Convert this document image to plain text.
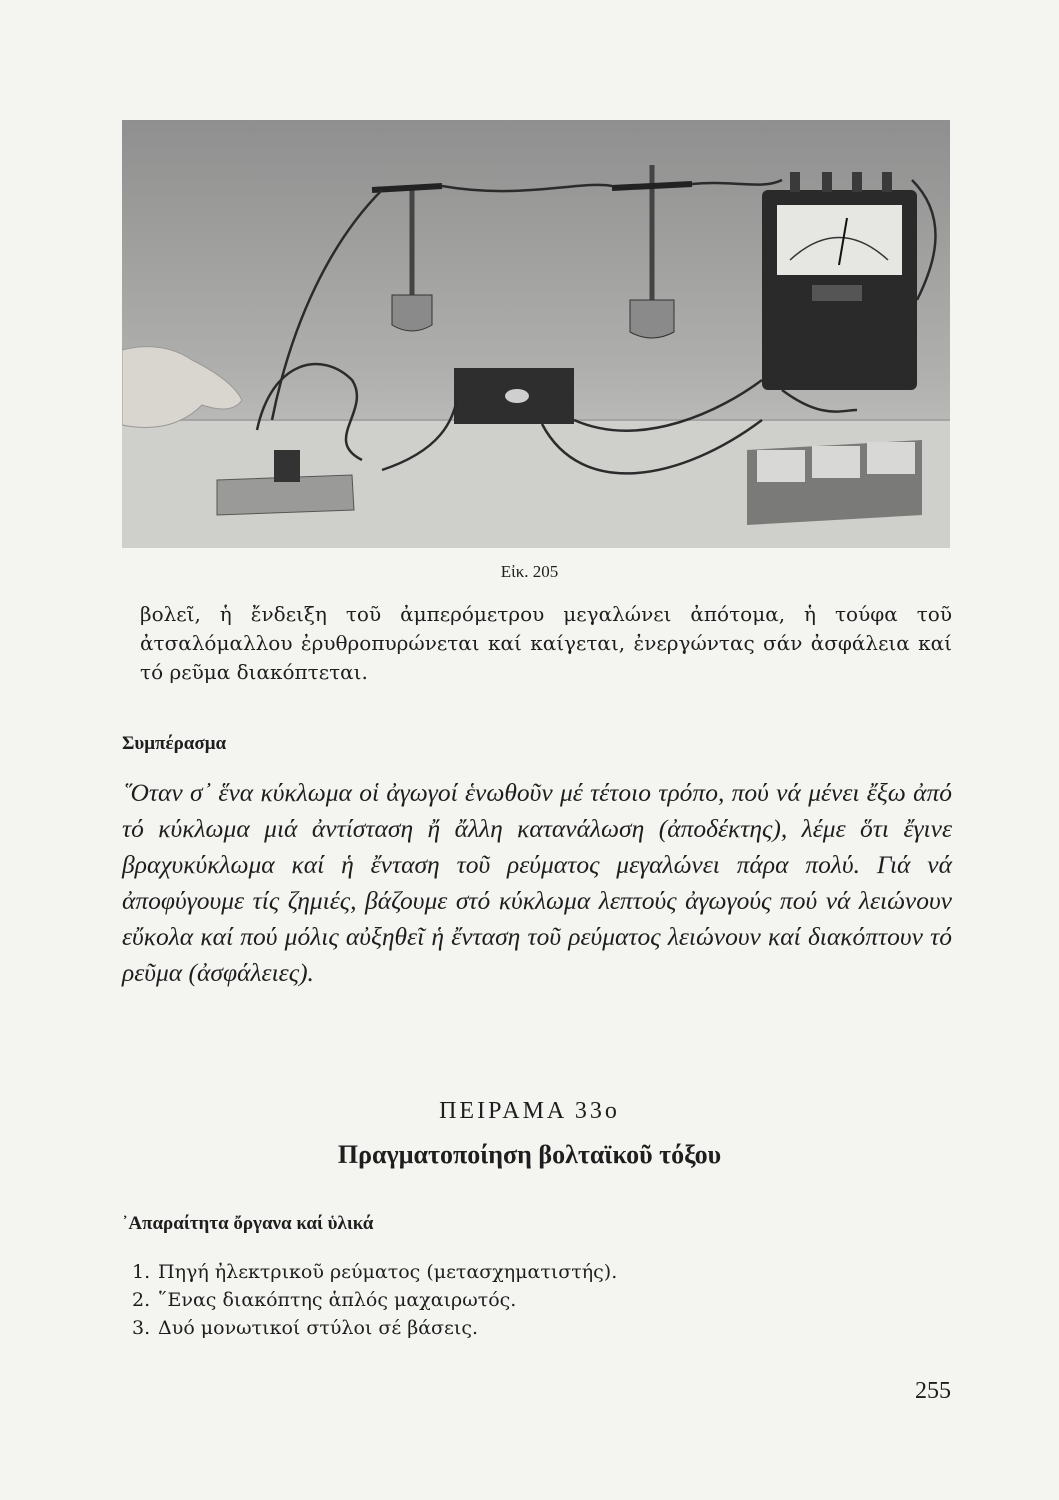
Εἰκ. 205
βολεῖ, ἡ ἔνδειξη τοῦ ἀμπερόμετρου μεγαλώνει ἀπότομα, ἡ τούφα τοῦ ἀτσαλόμαλλου ἐρυθροπυρώνεται καί καίγεται, ἐνεργώντας σάν ἀσφάλεια καί τό ρεῦμα διακόπτεται.
Συμπέρασμα
῞Οταν σ᾽ ἕνα κύκλωμα οἱ ἀγωγοί ἑνωθοῦν μέ τέτοιο τρόπο, πού νά μένει ἔξω ἀπό τό κύκλωμα μιά ἀντίσταση ἤ ἄλλη κατανάλωση (ἀποδέκτης), λέμε ὅτι ἔγινε βραχυκύκλωμα καί ἡ ἔνταση τοῦ ρεύματος μεγαλώνει πάρα πολύ. Γιά νά ἀποφύγουμε τίς ζημιές, βάζουμε στό κύκλωμα λεπτούς ἀγωγούς πού νά λειώνουν εὔκολα καί πού μόλις αὐξηθεῖ ἡ ἔνταση τοῦ ρεύματος λειώνουν καί διακόπτουν τό ρεῦμα (ἀσφάλειες).
ΠΕΙΡΑΜΑ 33ο
Πραγματοποίηση βολταϊκοῦ τόξου
᾿Απαραίτητα ὄργανα καί ὑλικά
1. Πηγή ἠλεκτρικοῦ ρεύματος (μετασχηματιστής).
2. ῞Ενας διακόπτης ἁπλός μαχαιρωτός.
3. Δυό μονωτικοί στύλοι σέ βάσεις.
255
